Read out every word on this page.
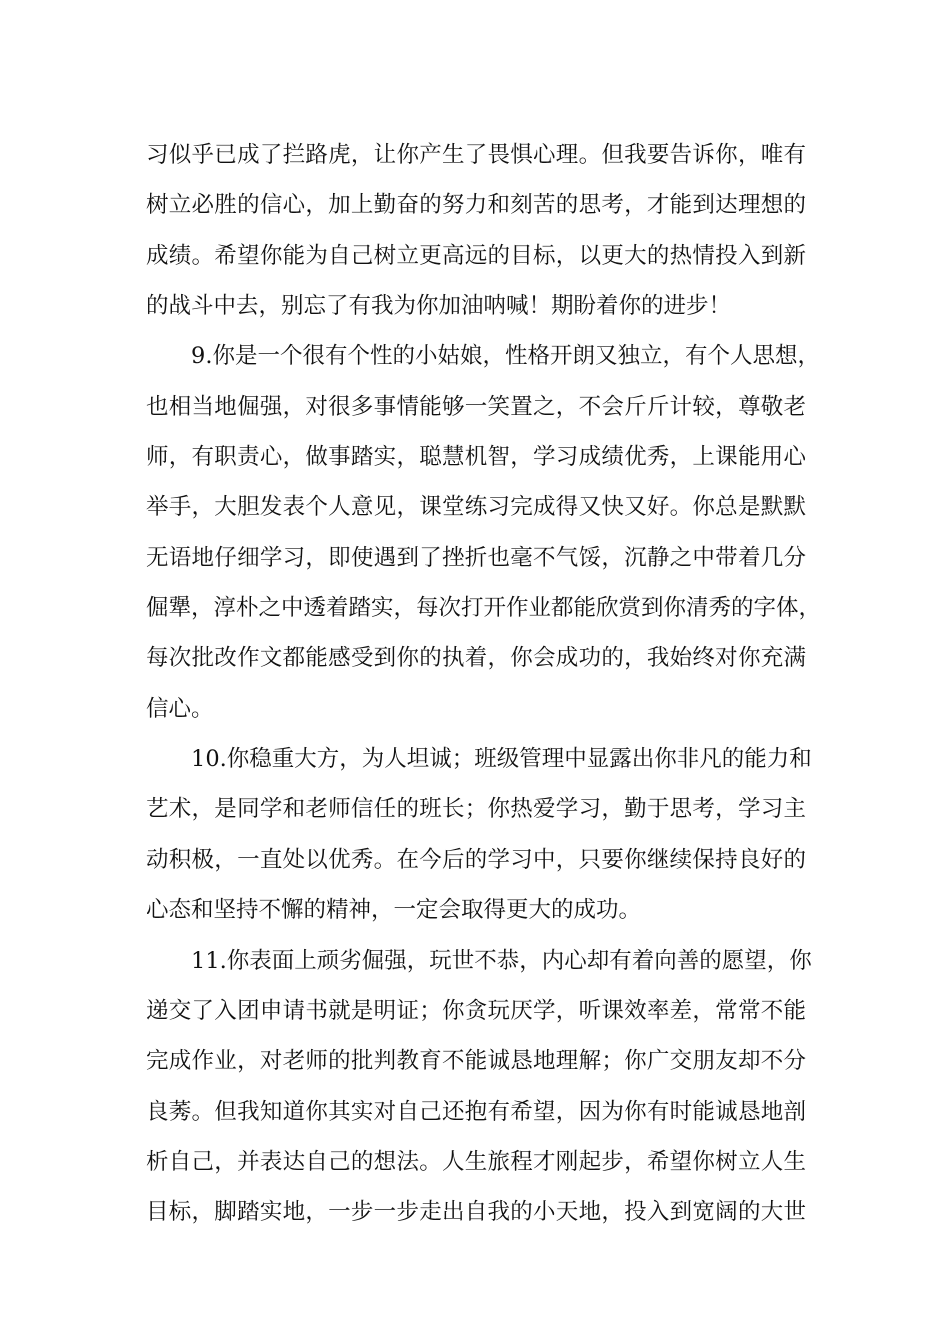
习似乎已成了拦路虎，让你产生了畏惧心理。但我要告诉你，唯有
树立必胜的信心，加上勤奋的努力和刻苦的思考，才能到达理想的
成绩。希望你能为自己树立更高远的目标，以更大的热情投入到新
的战斗中去，别忘了有我为你加油呐喊！期盼着你的进步！
9.你是一个很有个性的小姑娘，性格开朗又独立，有个人思想，
也相当地倔强，对很多事情能够一笑置之，不会斤斤计较，尊敬老
师，有职责心，做事踏实，聪慧机智，学习成绩优秀，上课能用心
举手，大胆发表个人意见，课堂练习完成得又快又好。你总是默默
无语地仔细学习，即使遇到了挫折也毫不气馁，沉静之中带着几分
倔犟，淳朴之中透着踏实，每次打开作业都能欣赏到你清秀的字体，
每次批改作文都能感受到你的执着，你会成功的，我始终对你充满
信心。
10.你稳重大方，为人坦诚；班级管理中显露出你非凡的能力和
艺术，是同学和老师信任的班长；你热爱学习，勤于思考，学习主
动积极，一直处以优秀。在今后的学习中，只要你继续保持良好的
心态和坚持不懈的精神，一定会取得更大的成功。
11.你表面上顽劣倔强，玩世不恭，内心却有着向善的愿望，你
递交了入团申请书就是明证；你贪玩厌学，听课效率差，常常不能
完成作业，对老师的批判教育不能诚恳地理解；你广交朋友却不分
良莠。但我知道你其实对自己还抱有希望，因为你有时能诚恳地剖
析自己，并表达自己的想法。人生旅程才刚起步，希望你树立人生
目标，脚踏实地，一步一步走出自我的小天地，投入到宽阔的大世
